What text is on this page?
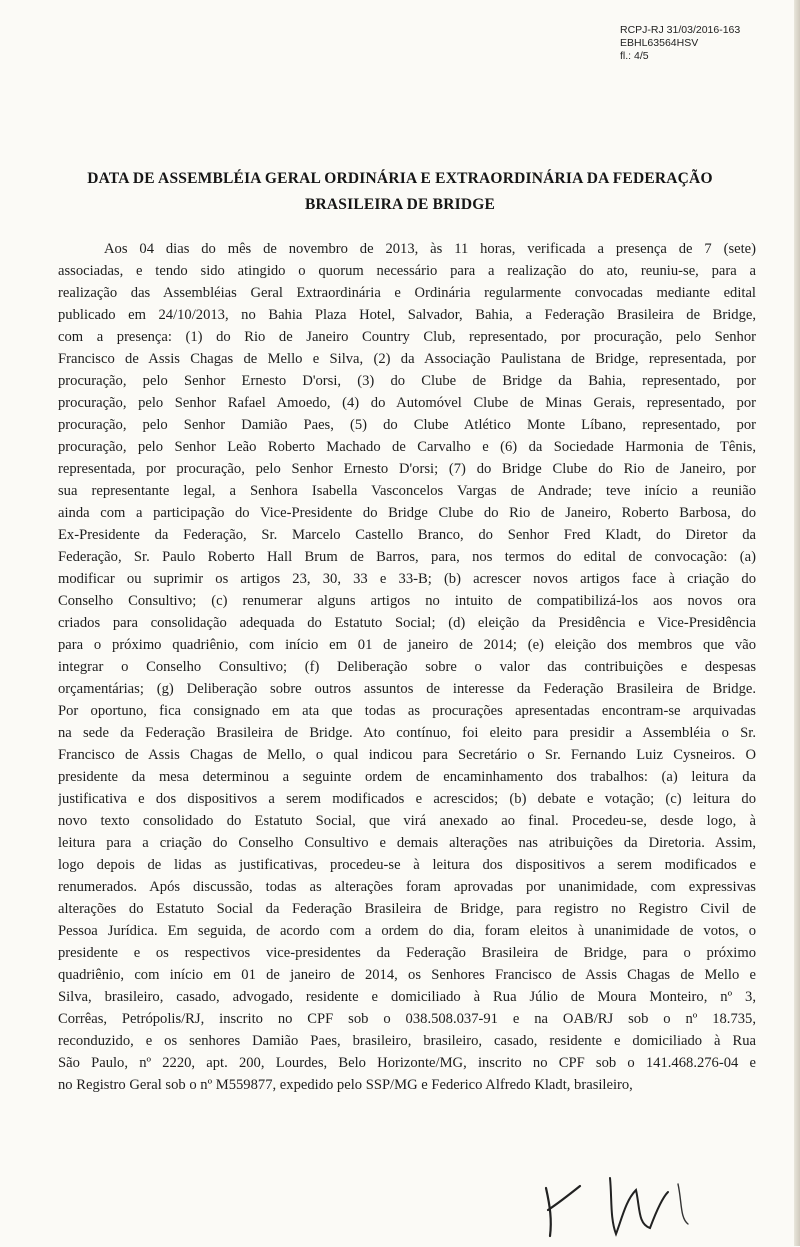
RCPJ-RJ 31/03/2016-163
EBHL63564HSV
fl.: 4/5
DATA DE ASSEMBLÉIA GERAL ORDINÁRIA E EXTRAORDINÁRIA DA FEDERAÇÃO
BRASILEIRA DE BRIDGE
Aos 04 dias do mês de novembro de 2013, às 11 horas, verificada a presença de 7 (sete)
associadas, e tendo sido atingido o quorum necessário para a realização do ato, reuniu-se, para a
realização das Assembléias Geral Extraordinária e Ordinária regularmente convocadas mediante edital
publicado em 24/10/2013, no Bahia Plaza Hotel, Salvador, Bahia, a Federação Brasileira de Bridge,
com a presença: (1) do Rio de Janeiro Country Club, representado, por procuração, pelo Senhor
Francisco de Assis Chagas de Mello e Silva, (2) da Associação Paulistana de Bridge, representada, por
procuração, pelo Senhor Ernesto D'orsi, (3) do Clube de Bridge da Bahia, representado, por
procuração, pelo Senhor Rafael Amoedo, (4) do Automóvel Clube de Minas Gerais, representado, por
procuração, pelo Senhor Damião Paes, (5) do Clube Atlético Monte Líbano, representado, por
procuração, pelo Senhor Leão Roberto Machado de Carvalho e (6) da Sociedade Harmonia de Tênis,
representada, por procuração, pelo Senhor Ernesto D'orsi; (7) do Bridge Clube do Rio de Janeiro, por
sua representante legal, a Senhora Isabella Vasconcelos Vargas de Andrade; teve início a reunião
ainda com a participação do Vice-Presidente do Bridge Clube do Rio de Janeiro, Roberto Barbosa, do
Ex-Presidente da Federação, Sr. Marcelo Castello Branco, do Senhor Fred Kladt, do Diretor da
Federação, Sr. Paulo Roberto Hall Brum de Barros, para, nos termos do edital de convocação: (a)
modificar ou suprimir os artigos 23, 30, 33 e 33-B; (b) acrescer novos artigos face à criação do
Conselho Consultivo; (c) renumerar alguns artigos no intuito de compatibilizá-los aos novos ora
criados para consolidação adequada do Estatuto Social; (d) eleição da Presidência e Vice-Presidência
para o próximo quadriênio, com início em 01 de janeiro de 2014; (e) eleição dos membros que vão
integrar o Conselho Consultivo; (f) Deliberação sobre o valor das contribuições e despesas
orçamentárias; (g) Deliberação sobre outros assuntos de interesse da Federação Brasileira de Bridge.
Por oportuno, fica consignado em ata que todas as procurações apresentadas encontram-se arquivadas
na sede da Federação Brasileira de Bridge. Ato contínuo, foi eleito para presidir a Assembléia o Sr.
Francisco de Assis Chagas de Mello, o qual indicou para Secretário o Sr. Fernando Luiz Cysneiros. O
presidente da mesa determinou a seguinte ordem de encaminhamento dos trabalhos: (a) leitura da
justificativa e dos dispositivos a serem modificados e acrescidos; (b) debate e votação; (c) leitura do
novo texto consolidado do Estatuto Social, que virá anexado ao final. Procedeu-se, desde logo, à
leitura para a criação do Conselho Consultivo e demais alterações nas atribuições da Diretoria. Assim,
logo depois de lidas as justificativas, procedeu-se à leitura dos dispositivos a serem modificados e
renumerados. Após discussão, todas as alterações foram aprovadas por unanimidade, com expressivas
alterações do Estatuto Social da Federação Brasileira de Bridge, para registro no Registro Civil de
Pessoa Jurídica. Em seguida, de acordo com a ordem do dia, foram eleitos à unanimidade de votos, o
presidente e os respectivos vice-presidentes da Federação Brasileira de Bridge, para o próximo
quadriênio, com início em 01 de janeiro de 2014, os Senhores Francisco de Assis Chagas de Mello e
Silva, brasileiro, casado, advogado, residente e domiciliado à Rua Júlio de Moura Monteiro, nº 3,
Corrêas, Petrópolis/RJ, inscrito no CPF sob o 038.508.037-91 e na OAB/RJ sob o nº 18.735,
reconduzido, e os senhores Damião Paes, brasileiro, brasileiro, casado, residente e domiciliado à Rua
São Paulo, nº 2220, apt. 200, Lourdes, Belo Horizonte/MG, inscrito no CPF sob o 141.468.276-04 e
no Registro Geral sob o nº M559877, expedido pelo SSP/MG e Federico Alfredo Kladt, brasileiro,
